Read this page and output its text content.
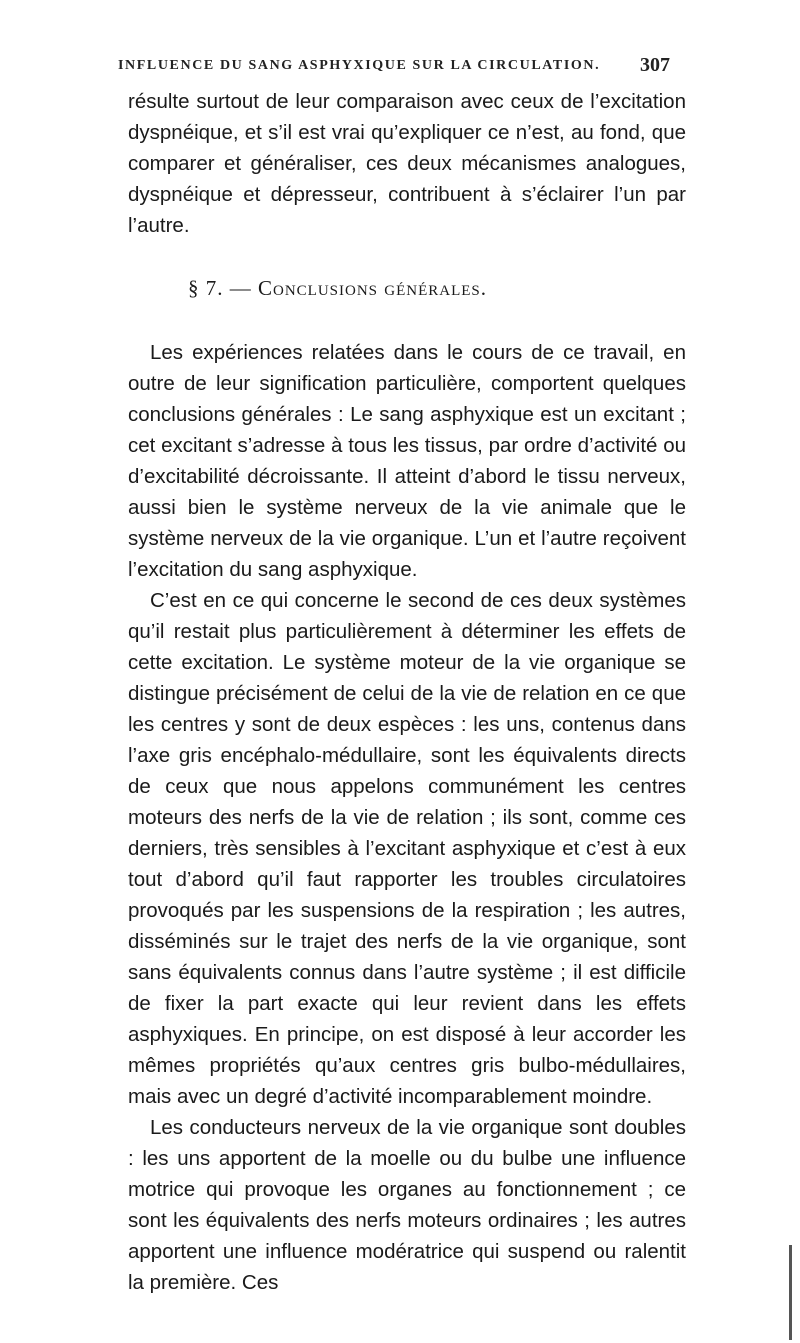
INFLUENCE DU SANG ASPHYXIQUE SUR LA CIRCULATION.	307

résulte surtout de leur comparaison avec ceux de l’excitation dyspnéique, et s’il est vrai qu’expliquer ce n’est, au fond, que comparer et généraliser, ces deux mécanismes analogues, dyspnéique et dépresseur, contribuent à s’éclairer l’un par l’autre.

§ 7. — Conclusions générales.

Les expériences relatées dans le cours de ce travail, en outre de leur signification particulière, comportent quelques conclusions générales : Le sang asphyxique est un excitant ; cet excitant s’adresse à tous les tissus, par ordre d’activité ou d’excitabilité décroissante. Il atteint d’abord le tissu nerveux, aussi bien le système nerveux de la vie animale que le système nerveux de la vie organique. L’un et l’autre reçoivent l’excitation du sang asphyxique.

C’est en ce qui concerne le second de ces deux systèmes qu’il restait plus particulièrement à déterminer les effets de cette excitation. Le système moteur de la vie organique se distingue précisément de celui de la vie de relation en ce que les centres y sont de deux espèces : les uns, contenus dans l’axe gris encéphalo-médullaire, sont les équivalents directs de ceux que nous appelons communément les centres moteurs des nerfs de la vie de relation ; ils sont, comme ces derniers, très sensibles à l’excitant asphyxique et c’est à eux tout d’abord qu’il faut rapporter les troubles circulatoires provoqués par les suspensions de la respiration ; les autres, disséminés sur le trajet des nerfs de la vie organique, sont sans équivalents connus dans l’autre système ; il est difficile de fixer la part exacte qui leur revient dans les effets asphyxiques. En principe, on est disposé à leur accorder les mêmes propriétés qu’aux centres gris bulbo-médullaires, mais avec un degré d’activité incomparablement moindre.

Les conducteurs nerveux de la vie organique sont doubles : les uns apportent de la moelle ou du bulbe une influence motrice qui provoque les organes au fonctionnement ; ce sont les équivalents des nerfs moteurs ordinaires ; les autres apportent une influence modératrice qui suspend ou ralentit la première. Ces
